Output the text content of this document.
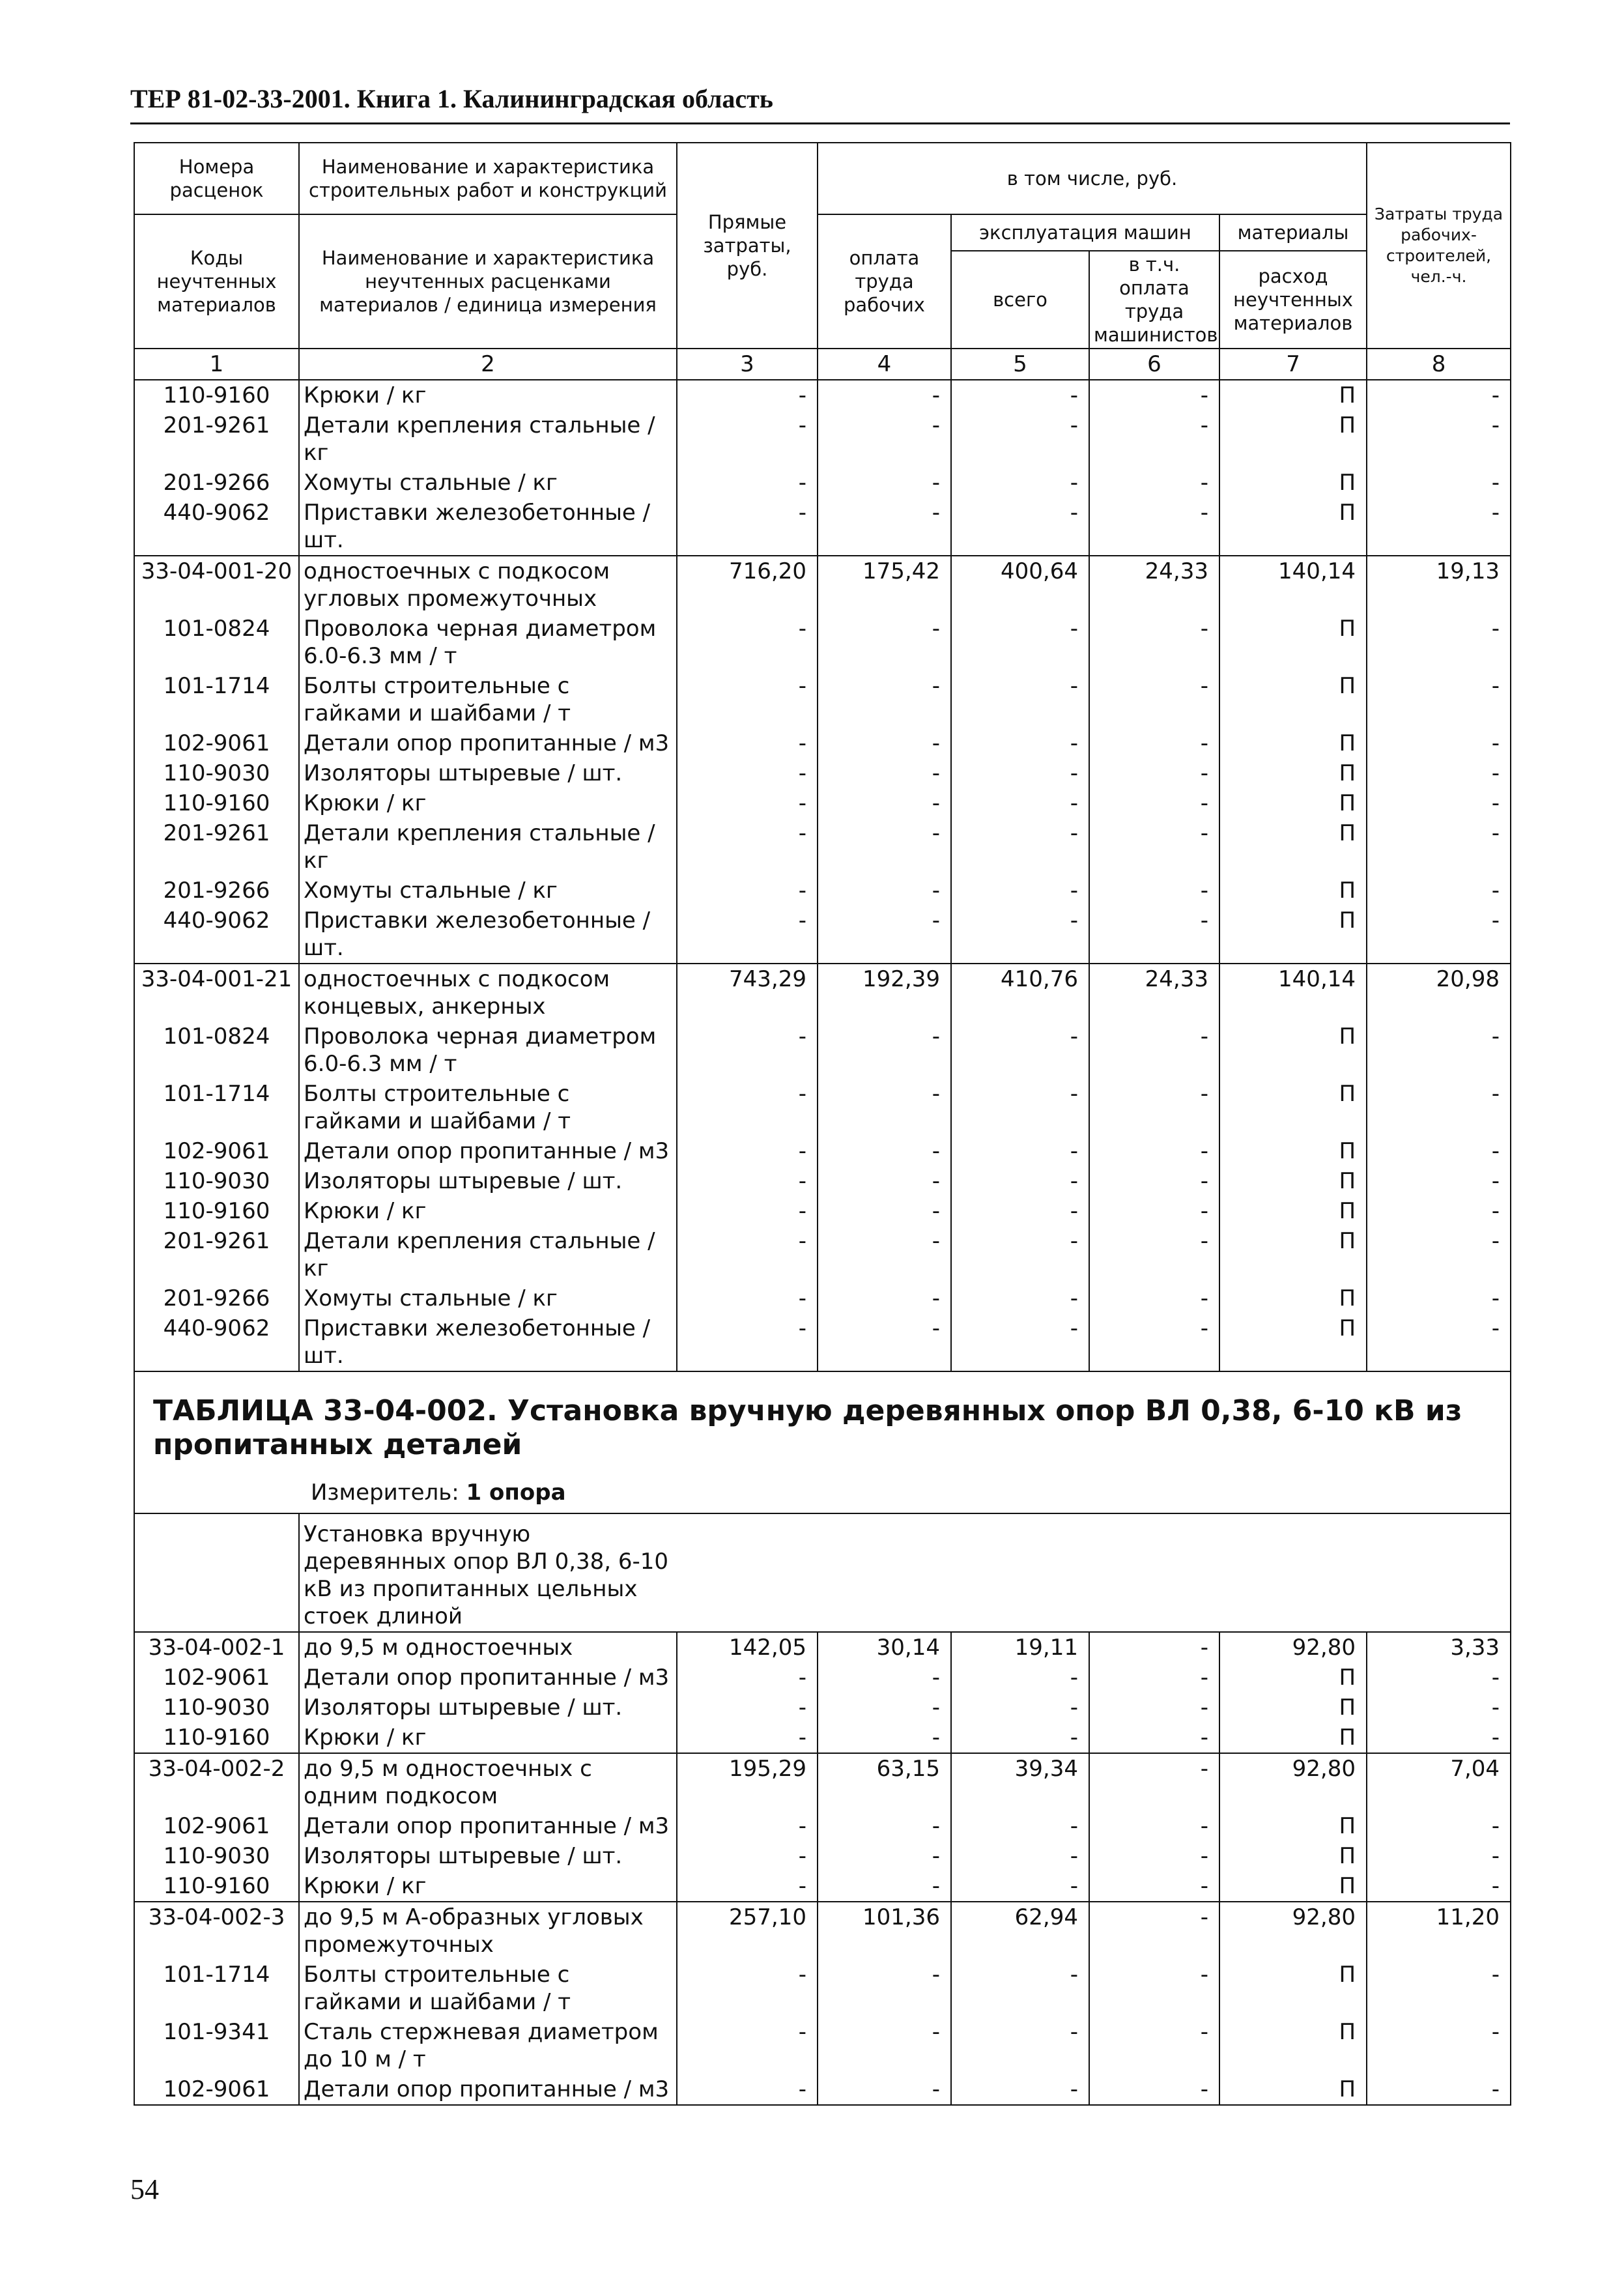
ТЕР 81-02-33-2001. Книга 1. Калининградская область
Номера расценок	Наименование и характеристика строительных работ и конструкций	Прямые затраты, руб.	в том числе, руб.				Затраты труда рабочих-строителей, чел.-ч.
Коды неучтенных материалов	Наименование и характеристика неучтенных расценками материалов / единица измерения		оплата труда рабочих	эксплуатация машин		материалы	
				всего	в т.ч. оплата труда машинистов	расход неучтенных материалов	
1	2	3	4	5	6	7	8
110-9160	Крюки / кг	-	-	-	-	П	-
201-9261	Детали крепления стальные / кг	-	-	-	-	П	-
201-9266	Хомуты стальные / кг	-	-	-	-	П	-
440-9062	Приставки железобетонные / шт.	-	-	-	-	П	-
33-04-001-20	одностоечных с подкосом угловых промежуточных	716,20	175,42	400,64	24,33	140,14	19,13
101-0824	Проволока черная диаметром 6.0-6.3 мм / т	-	-	-	-	П	-
101-1714	Болты строительные с гайками и шайбами / т	-	-	-	-	П	-
102-9061	Детали опор пропитанные / м3	-	-	-	-	П	-
110-9030	Изоляторы штыревые / шт.	-	-	-	-	П	-
110-9160	Крюки / кг	-	-	-	-	П	-
201-9261	Детали крепления стальные / кг	-	-	-	-	П	-
201-9266	Хомуты стальные / кг	-	-	-	-	П	-
440-9062	Приставки железобетонные / шт.	-	-	-	-	П	-
33-04-001-21	одностоечных с подкосом концевых, анкерных	743,29	192,39	410,76	24,33	140,14	20,98
101-0824	Проволока черная диаметром 6.0-6.3 мм / т	-	-	-	-	П	-
101-1714	Болты строительные с гайками и шайбами / т	-	-	-	-	П	-
102-9061	Детали опор пропитанные / м3	-	-	-	-	П	-
110-9030	Изоляторы штыревые / шт.	-	-	-	-	П	-
110-9160	Крюки / кг	-	-	-	-	П	-
201-9261	Детали крепления стальные / кг	-	-	-	-	П	-
201-9266	Хомуты стальные / кг	-	-	-	-	П	-
440-9062	Приставки железобетонные / шт.	-	-	-	-	П	-

ТАБЛИЦА 33-04-002. Установка вручную деревянных опор ВЛ 0,38, 6-10 кВ из пропитанных деталей
Измеритель: 1 опора							

	Установка вручную деревянных опор ВЛ 0,38, 6-10 кВ из пропитанных цельных стоек длиной						

33-04-002-1	до 9,5 м одностоечных	142,05	30,14	19,11	-	92,80	3,33
102-9061	Детали опор пропитанные / м3	-	-	-	-	П	-
110-9030	Изоляторы штыревые / шт.	-	-	-	-	П	-
110-9160	Крюки / кг	-	-	-	-	П	-
33-04-002-2	до 9,5 м одностоечных с одним подкосом	195,29	63,15	39,34	-	92,80	7,04
102-9061	Детали опор пропитанные / м3	-	-	-	-	П	-
110-9030	Изоляторы штыревые / шт.	-	-	-	-	П	-
110-9160	Крюки / кг	-	-	-	-	П	-
33-04-002-3	до 9,5 м А-образных угловых промежуточных	257,10	101,36	62,94	-	92,80	11,20
101-1714	Болты строительные с гайками и шайбами / т	-	-	-	-	П	-
101-9341	Сталь стержневая диаметром до 10 м / т	-	-	-	-	П	-
102-9061	Детали опор пропитанные / м3	-	-	-	-	П	-
54
